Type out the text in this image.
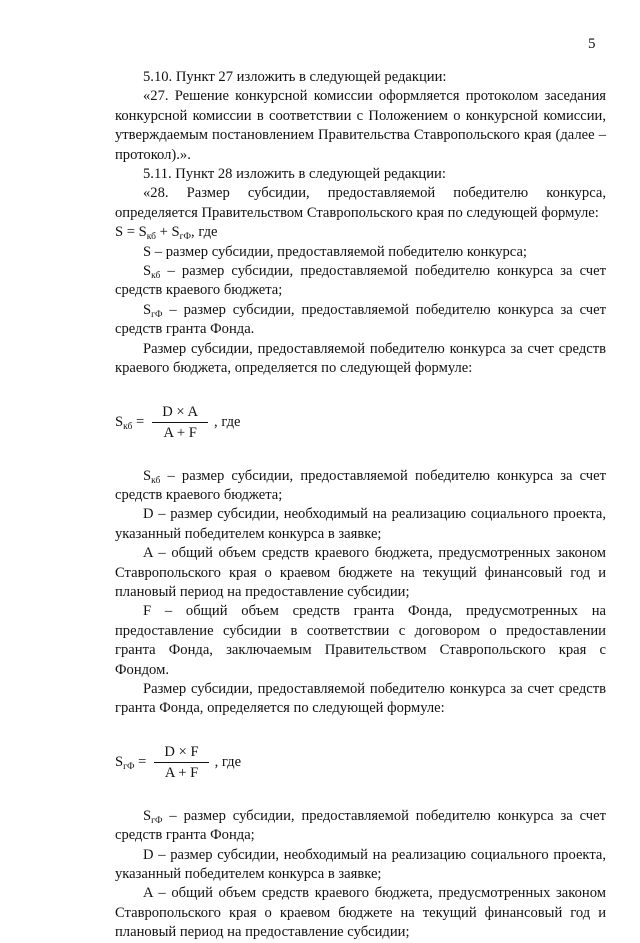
5

5.10. Пункт 27 изложить в следующей редакции:

«27. Решение конкурсной комиссии оформляется протоколом заседания конкурсной комиссии в соответствии с Положением о конкурсной комиссии, утверждаемым постановлением Правительства Ставропольского края (далее – протокол).».

5.11. Пункт 28 изложить в следующей редакции:

«28. Размер субсидии, предоставляемой победителю конкурса, определяется Правительством Ставропольского края по следующей формуле:

$S = S_{кб} + S_{гФ}$, где

S – размер субсидии, предоставляемой победителю конкурса;

$S_{кб}$ – размер субсидии, предоставляемой победителю конкурса за счет средств краевого бюджета;

$S_{гФ}$ – размер субсидии, предоставляемой победителю конкурса за счет средств гранта Фонда.

Размер субсидии, предоставляемой победителю конкурса за счет средств краевого бюджета, определяется по следующей формуле:

$S_{кб} = \frac{D \times A}{A + F}$ , где

$S_{кб}$ – размер субсидии, предоставляемой победителю конкурса за счет средств краевого бюджета;

D – размер субсидии, необходимый на реализацию социального проекта, указанный победителем конкурса в заявке;

A – общий объем средств краевого бюджета, предусмотренных законом Ставропольского края о краевом бюджете на текущий финансовый год и плановый период на предоставление субсидии;

F – общий объем средств гранта Фонда, предусмотренных на предоставление субсидии в соответствии с договором о предоставлении гранта Фонда, заключаемым Правительством Ставропольского края с Фондом.

Размер субсидии, предоставляемой победителю конкурса за счет средств гранта Фонда, определяется по следующей формуле:

$S_{гФ} = \frac{D \times F}{A + F}$ , где

$S_{гФ}$ – размер субсидии, предоставляемой победителю конкурса за счет средств гранта Фонда;

D – размер субсидии, необходимый на реализацию социального проекта, указанный победителем конкурса в заявке;

A – общий объем средств краевого бюджета, предусмотренных законом Ставропольского края о краевом бюджете на текущий финансовый год и плановый период на предоставление субсидии;
